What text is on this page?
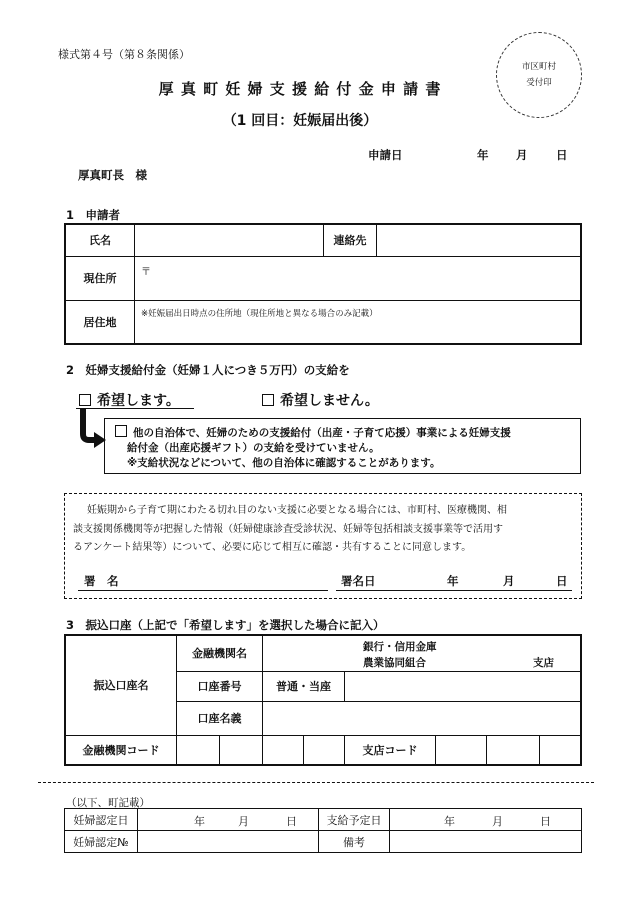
様式第４号（第８条関係）
市区町村
受付印
厚 真 町 妊 婦 支 援 給 付 金 申 請 書
（1 回目：妊娠届出後）
申請日	年 月 日
厚真町長　様
1　申請者
氏名		連絡先	
現住所	〒		
居住地	※妊娠届出日時点の住所地（現住所地と異なる場合のみ記載）		
2　妊婦支援給付金（妊婦１人につき５万円）の支給を
希望します。	希望しません。
他の自治体で、妊婦のための支援給付（出産・子育て応援）事業による妊婦支援
給付金（出産応援ギフト）の支給を受けていません。
※支給状況などについて、他の自治体に確認することがあります。
妊娠期から子育て期にわたる切れ目のない支援に必要となる場合には、市町村、医療機関、相
談支援関係機関等が把握した情報（妊婦健康診査受診状況、妊婦等包括相談支援事業等で活用す
るアンケート結果等）について、必要に応じて相互に確認・共有することに同意します。
署　名	署名日	年	月	日
3　振込口座（上記で「希望します」を選択した場合に記入）
振込口座名	金融機関名		銀行・信用金庫
農業協同組合 支店					

	口座番号		普通・当座					
	口座名義							
金融機関コード					支店コード			
（以下、町記載）
妊婦認定日	年 月 日	支給予定日	年 月 日

妊婦認定№		備考	
